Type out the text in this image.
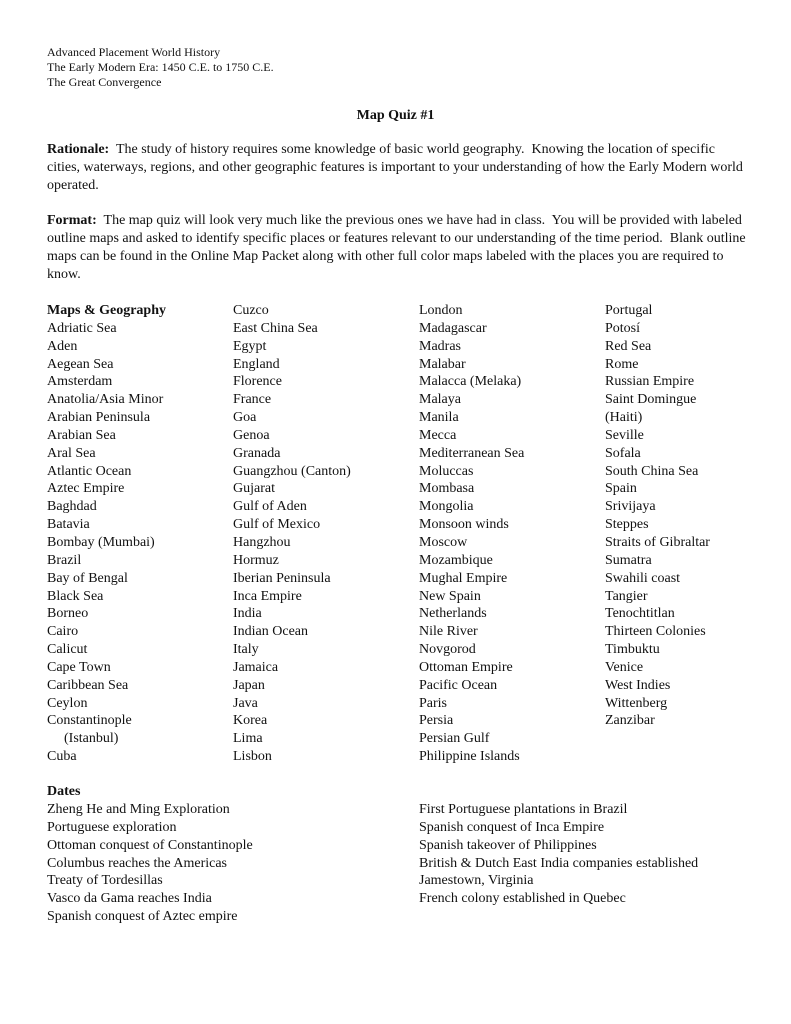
Advanced Placement World History
The Early Modern Era: 1450 C.E. to 1750 C.E.
The Great Convergence
Map Quiz #1
Rationale:  The study of history requires some knowledge of basic world geography.  Knowing the location of specific cities, waterways, regions, and other geographic features is important to your understanding of how the Early Modern world operated.
Format:  The map quiz will look very much like the previous ones we have had in class.  You will be provided with labeled outline maps and asked to identify specific places or features relevant to our understanding of the time period.  Blank outline maps can be found in the Online Map Packet along with other full color maps labeled with the places you are required to know.
Maps & Geography
Adriatic Sea
Aden
Aegean Sea
Amsterdam
Anatolia/Asia Minor
Arabian Peninsula
Arabian Sea
Aral Sea
Atlantic Ocean
Aztec Empire
Baghdad
Batavia
Bombay (Mumbai)
Brazil
Bay of Bengal
Black Sea
Borneo
Cairo
Calicut
Cape Town
Caribbean Sea
Ceylon
Constantinople
(Istanbul)
Cuba
Cuzco
East China Sea
Egypt
England
Florence
France
Goa
Genoa
Granada
Guangzhou (Canton)
Gujarat
Gulf of Aden
Gulf of Mexico
Hangzhou
Hormuz
Iberian Peninsula
Inca Empire
India
Indian Ocean
Italy
Jamaica
Japan
Java
Korea
Lima
Lisbon
London
Madagascar
Madras
Malabar
Malacca (Melaka)
Malaya
Manila
Mecca
Mediterranean Sea
Moluccas
Mombasa
Mongolia
Monsoon winds
Moscow
Mozambique
Mughal Empire
New Spain
Netherlands
Nile River
Novgorod
Ottoman Empire
Pacific Ocean
Paris
Persia
Persian Gulf
Philippine Islands
Portugal
Potosí
Red Sea
Rome
Russian Empire
Saint Domingue
(Haiti)
Seville
Sofala
South China Sea
Spain
Srivijaya
Steppes
Straits of Gibraltar
Sumatra
Swahili coast
Tangier
Tenochtitlan
Thirteen Colonies
Timbuktu
Venice
West Indies
Wittenberg
Zanzibar
Dates
Zheng He and Ming Exploration
Portuguese exploration
Ottoman conquest of Constantinople
Columbus reaches the Americas
Treaty of Tordesillas
Vasco da Gama reaches India
Spanish conquest of Aztec empire
First Portuguese plantations in Brazil
Spanish conquest of Inca Empire
Spanish takeover of Philippines
British & Dutch East India companies established
Jamestown, Virginia
French colony established in Quebec
